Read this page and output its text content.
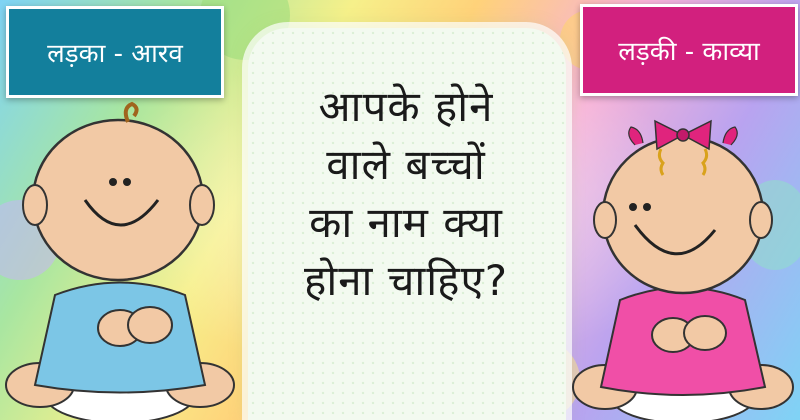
लड़का - आरव	लड़की - काव्या
आपके होने
वाले बच्चों
का नाम क्या
होना चाहिए?
